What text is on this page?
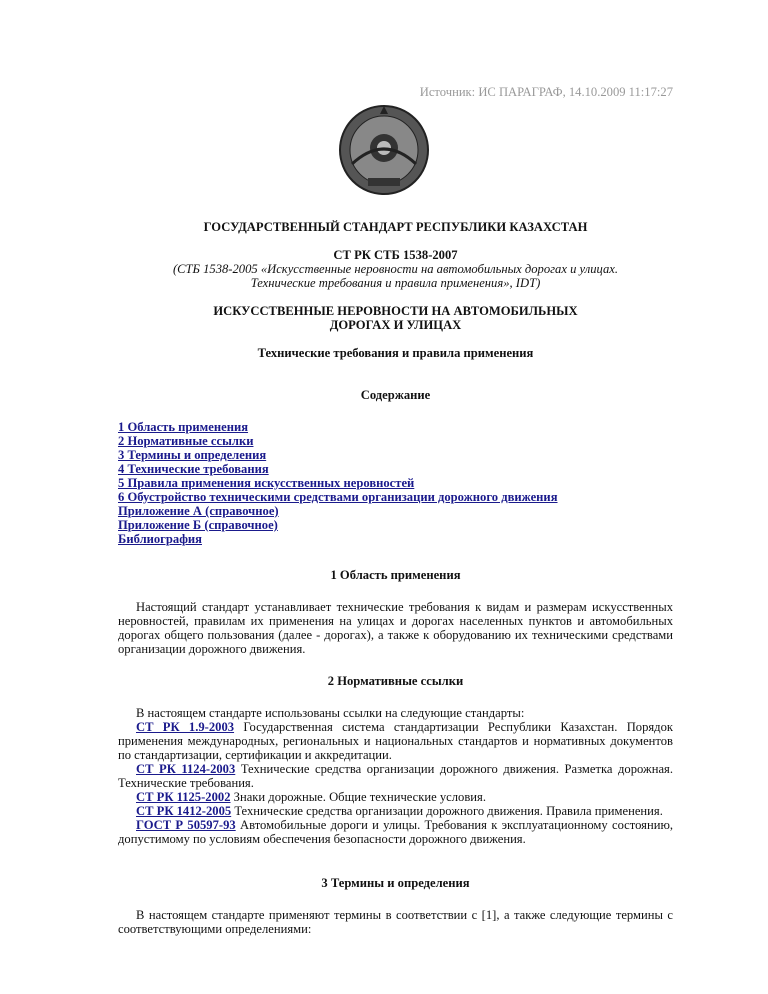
Источник: ИС ПАРАГРАФ, 14.10.2009 11:17:27
ГОСУДАРСТВЕННЫЙ СТАНДАРТ РЕСПУБЛИКИ КАЗАХСТАН
СТ РК СТБ 1538-2007
(СТБ 1538-2005 «Искусственные неровности на автомобильных дорогах и улицах.
Технические требования и правила применения», IDT)
ИСКУССТВЕННЫЕ НЕРОВНОСТИ НА АВТОМОБИЛЬНЫХ
ДОРОГАХ И УЛИЦАХ
Технические требования и правила применения
Содержание
1 Область применения
2 Нормативные ссылки
3 Термины и определения
4 Технические требования
5 Правила применения искусственных неровностей
6 Обустройство техническими средствами организации дорожного движения
Приложение А (справочное)
Приложение Б (справочное)
Библиография
1 Область применения

Настоящий стандарт устанавливает технические требования к видам и размерам искусственных неровностей, правилам их применения на улицах и дорогах населенных пунктов и автомобильных дорогах общего пользования (далее - дорогах), а также к оборудованию их техническими средствами организации дорожного движения.

2 Нормативные ссылки

В настоящем стандарте использованы ссылки на следующие стандарты:

СТ РК 1.9-2003 Государственная система стандартизации Республики Казахстан. Порядок применения международных, региональных и национальных стандартов и нормативных документов по стандартизации, сертификации и аккредитации.

СТ РК 1124-2003 Технические средства организации дорожного движения. Разметка дорожная. Технические требования.

СТ РК 1125-2002 Знаки дорожные. Общие технические условия.

СТ РК 1412-2005 Технические средства организации дорожного движения. Правила применения.

ГОСТ Р 50597-93 Автомобильные дороги и улицы. Требования к эксплуатационному состоянию, допустимому по условиям обеспечения безопасности дорожного движения.

3 Термины и определения

В настоящем стандарте применяют термины в соответствии с [1], а также следующие термины с соответствующими определениями:
